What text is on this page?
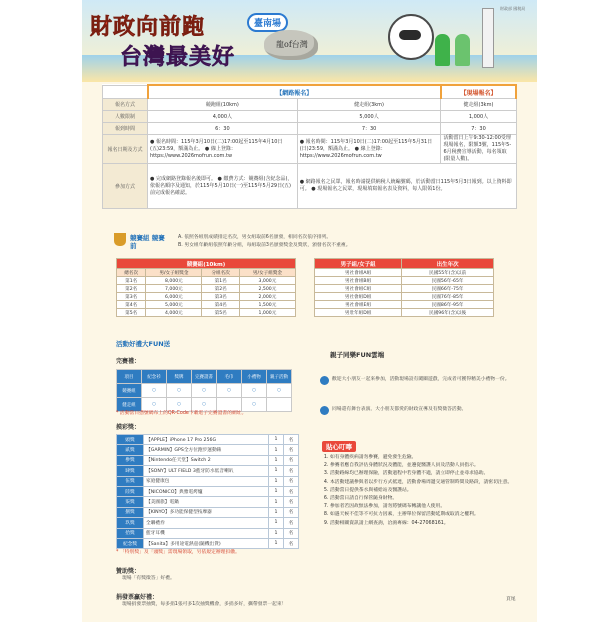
財政向前跑
台灣最美好
臺南場
龍of台灣
財政部 國稅局
	【網路報名】		【現場報名】
報名方式	競跑組(10km)	健走組(3km)	健走組(3km)
人數限制	4,000人	5,000人	1,000人
報到時間	6：30	7：30	7：30
報名日期及方式	● 報名時間：115年3月10日(二)17:00起至115年4月10日(五)23:59，額滿為止。 ● 線上登錄：https://www.2026mofrun.com.tw	● 報名時間：115年3月10日(二)17:00起至115年5月31日(日)23:59，額滿為止。 ● 線上登錄：https://www.2026mofrun.com.tw	活動當日上午9:30-12:00受理現場報名，限額3號，115年5-6月稅務宣導活動，每名領取(限量人數)。
參加方式	● 完成網路登錄報名後即可。 ● 繳費方式：競賽組(含紀念品)，依報名順序及通知，於115年5月10日(一)至115年5月29日(五)前完成報名確認。	● 網路報名之民眾，報名時請提供納稅人統編號碼，於活動當日115年5月3日報到。以上資料即可。 ● 現場報名之民眾，現場填寫報名表及資料，每人限領1份。	
競賽組 競賽前
A. 依照各組別成績排定名次，男女組取前6名頒發，相同名次依序排列。
B. 男女組年齡組依照年齡分組，每組取前3名頒發獎金及獎狀，頒發名次不重複。
競賽組(10km)			
總名次	男/女子組獎金	分組名次	男/女子組獎金
第1名	8,000元	第1名	3,000元
第2名	7,000元	第2名	2,500元
第3名	6,000元	第3名	2,000元
第4名	5,000元	第4名	1,500元
第5名	4,000元	第5名	1,000元
男子組/女子組	出生年次
男社會組A組	民國55年(含)以前
男社會組B組	民國56年-65年
男社會組C組	民國66年-75年
男社會組D組	民國76年-85年
男社會組E組	民國86年-95年
男壯年組D組	民國96年(含)以後
活動好禮大FUN送
完賽禮：
項目	紀念衫	獎牌	完賽證書	毛巾	小禮物	親子活動
競賽組	○	○	○	○	○	○
健走組	○	○	○		○	
* 活動當日憑號碼布上的QR-Code下載電子完賽證書的網址。
摸彩獎：
頭獎	【APPLE】iPhone 17 Pro 256G	1	名
貳獎	【GARMIN】GPS全方位跑步運動錶	1	名
參獎	【Nintendo任天堂】Switch 2	1	名
肆獎	【SONY】ULT FIELD 3藍牙防水低音喇叭	1	名
伍獎	家庭健康包	1	名
陸獎	【NICONICO】典雅電烤爐	1	名
柒獎	【美國旅】電鍋	1	名
捌獎	【KINYO】多功能保健型按摩器	1	名
玖獎	全聯禮券	1	名
拾獎	藍牙耳機	1	名
紀念獎	【Sanita】多用途電熱壺(隨機出貨)	1	名
* 「特別獎」及「頭獎」需現場領取，另依規定辦理扣繳。
贊助獎：
現場「有獎徵答」好禮。
捐發票贏好禮：
現場捐發票抽獎，每多捐1張可多1次抽獎機會，多捐多好，攜帶發票一起來！
親子同樂FUN雲端
歡迎大小朋友一起來參加，活動現場設有闖關遊戲，完成者可獲得精美小禮物一份。
同場還有舞台表演、大小朋友都愛的財政宣導及有獎徵答活動。
貼心叮嚀
1. 如有身體疾病請勿參賽，避免發生危險。
2. 參賽者應自我評估身體狀況及體能，並遵從醫護人員及活動人員指示。
3. 活動路線均已辦理保險，活動過程中若身體不適，請立即停止並尋求協助。
4. 本活動建議參與者以步行方式抵達，活動會場周邊交通管制時間及路段，請密切注意。
5. 活動當日提供茶水與補給站及醫護站。
6. 活動當日請自行保管隨身財物。
7. 參加者若因故無法參加，請勿將號碼布轉讓他人使用。
8. 如遇天候不佳等不可抗力因素，主辦單位保留活動延期或取消之權利。
9. 活動相關資訊請上網查詢，洽詢專線：04-27068161。
頁尾
